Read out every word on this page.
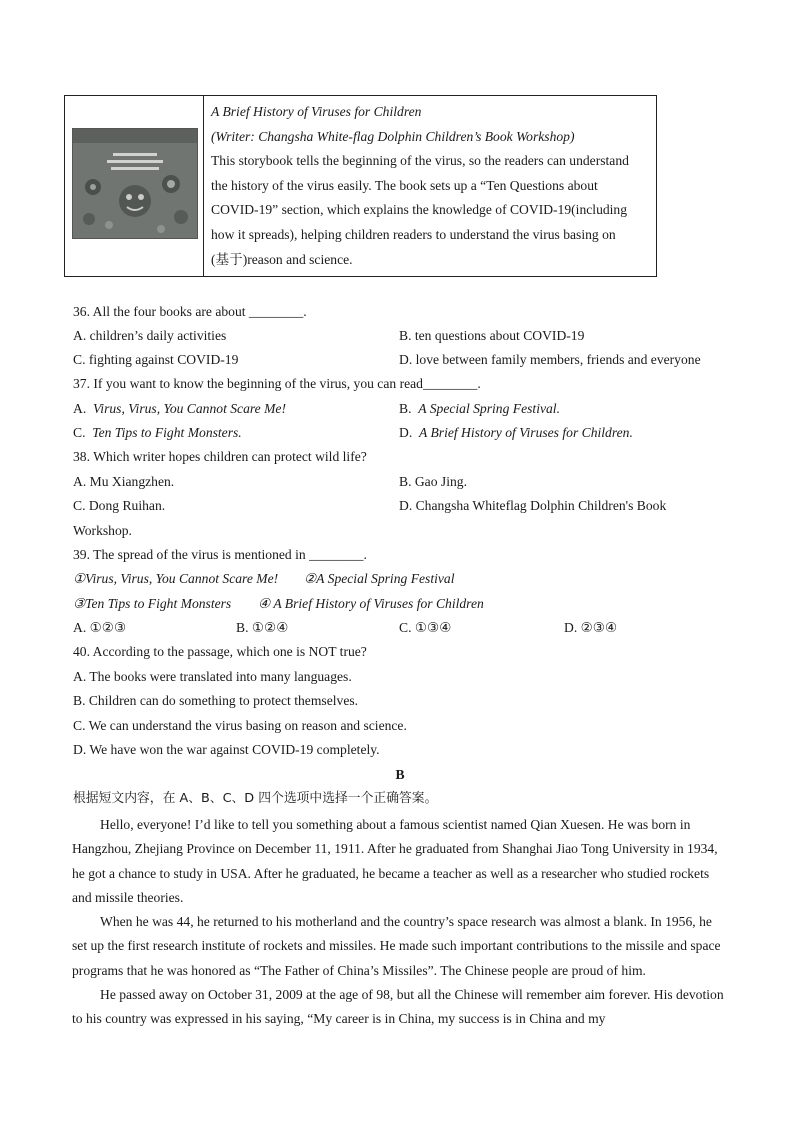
A Brief History of Viruses for Children
(Writer: Changsha White-flag Dolphin Children’s Book Workshop)
This storybook tells the beginning of the virus, so the readers can understand
the history of the virus easily. The book sets up a “Ten Questions about
COVID-19” section, which explains the knowledge of COVID-19(including
how it spreads), helping children readers to understand the virus basing on
(基于)reason and science.
36. All the four books are about ________.
A. children’s daily activities	B. ten questions about COVID-19
C. fighting against COVID-19	D. love between family members, friends and everyone
37. If you want to know the beginning of the virus, you can read________.
A. Virus, Virus, You Cannot Scare Me!	B. A Special Spring Festival.
C. Ten Tips to Fight Monsters.	D. A Brief History of Viruses for Children.
38. Which writer hopes children can protect wild life?
A. Mu Xiangzhen.	B. Gao Jing.
C. Dong Ruihan.	D. Changsha Whiteflag Dolphin Children's Book
Workshop.
39. The spread of the virus is mentioned in ________.
①Virus, Virus, You Cannot Scare Me! ②A Special Spring Festival
③Ten Tips to Fight Monsters ④ A Brief History of Viruses for Children
A. ①②③	B. ①②④	C. ①③④	D. ②③④
40. According to the passage, which one is NOT true?
A. The books were translated into many languages.
B. Children can do something to protect themselves.
C. We can understand the virus basing on reason and science.
D. We have won the war against COVID-19 completely.
B
根据短文内容，在 A、B、C、D 四个选项中选择一个正确答案。
Hello, everyone! I’d like to tell you something about a famous scientist named Qian Xuesen. He was born in Hangzhou, Zhejiang Province on December 11, 1911. After he graduated from Shanghai Jiao Tong University in 1934, he got a chance to study in USA. After he graduated, he became a teacher as well as a researcher who studied rockets and missile theories.
When he was 44, he returned to his motherland and the country’s space research was almost a blank. In 1956, he set up the first research institute of rockets and missiles. He made such important contributions to the missile and space programs that he was honored as “The Father of China’s Missiles”. The Chinese people are proud of him.
He passed away on October 31, 2009 at the age of 98, but all the Chinese will remember aim forever. His devotion to his country was expressed in his saying, “My career is in China, my success is in China and my
